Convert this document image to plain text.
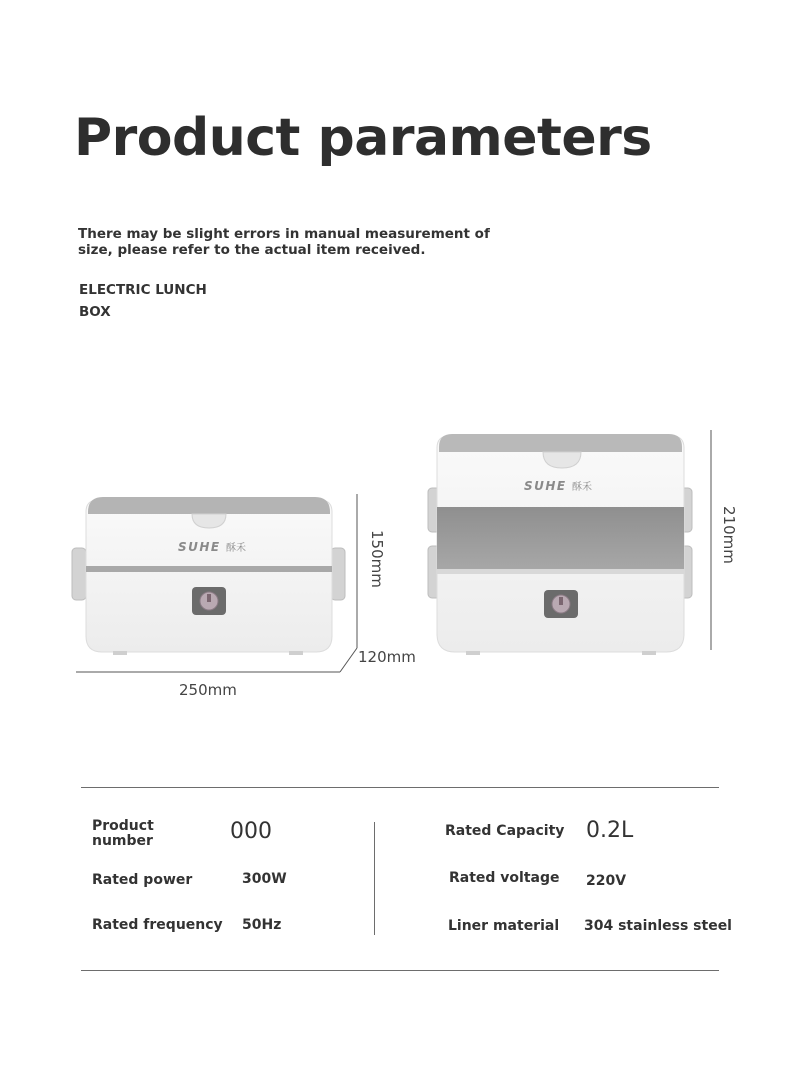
Product parameters
There may be slight errors in manual measurement of
size, please refer to the actual item received.
ELECTRIC LUNCH
BOX
SUHE 酥禾
SUHE 酥禾
250mm
120mm
150mm	210mm
Product
number	000
Rated power	300W
Rated frequency 50Hz
Rated Capacity 0.2L
Rated voltage 220V
Liner material 304 stainless steel
